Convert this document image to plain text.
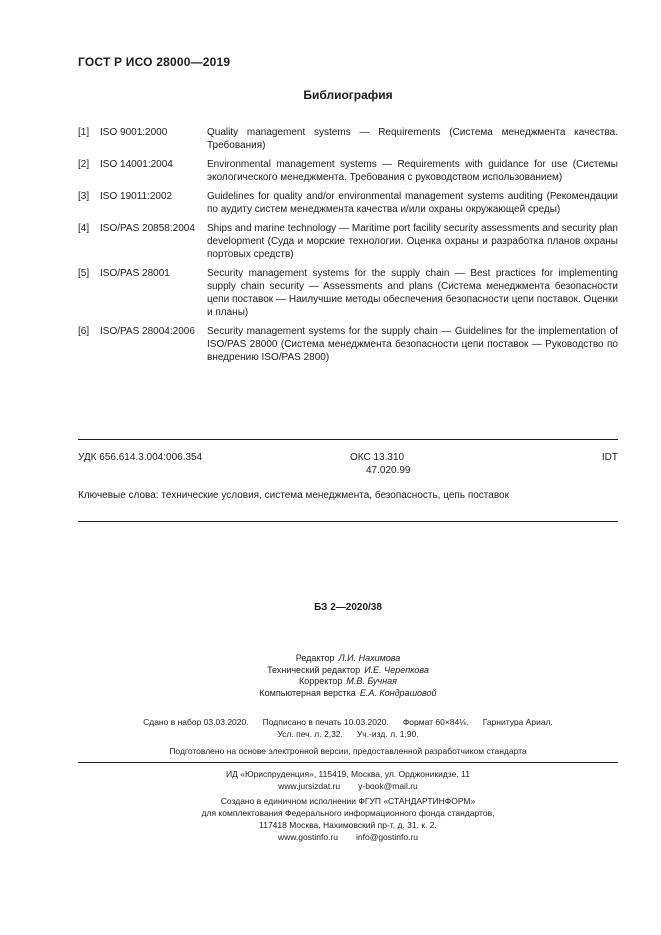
ГОСТ Р ИСО 28000—2019
Библиография
[1]	ISO 9001:2000	Quality management systems — Requirements (Система менеджмента качества. Требования)
[2]	ISO 14001:2004	Environmental management systems — Requirements with guidance for use (Системы экологического менеджмента. Требования с руководством использованием)
[3]	ISO 19011:2002	Guidelines for quality and/or environmental management systems auditing (Рекомендации по аудиту систем менеджмента качества и/или охраны окружающей среды)
[4]	ISO/PAS 20858:2004	Ships and marine technology — Maritime port facility security assessments and security plan development (Суда и морские технологии. Оценка охраны и разработка планов охраны портовых средств)
[5]	ISO/PAS 28001	Security management systems for the supply chain — Best practices for implementing supply chain security — Assessments and plans (Система менеджмента безопасности цепи поставок — Наилучшие методы обеспечения безопасности цепи поставок. Оценки и планы)
[6]	ISO/PAS 28004:2006	Security management systems for the supply chain — Guidelines for the implementation of ISO/PAS 28000 (Система менеджмента безопасности цепи поставок — Руководство по внедрению ISO/PAS 2800)
УДК 656.614.3.004:006.354	ОКС 13.310
47.020.99
IDT
Ключевые слова: технические условия, система менеджмента, безопасность, цепь поставок
БЗ 2—2020/38
Редактор Л.И. Нахимова
Технический редактор И.Е. Черепкова
Корректор М.В. Бучная
Компьютерная верстка Е.А. Кондрашовой
Сдано в набор 03.03.2020. Подписано в печать 10.03.2020. Формат 60×84⅛. Гарнитура Ариал.
Усл. печ. л. 2,32. Уч.-изд. л. 1,90.
Подготовлено на основе электронной версии, предоставленной разработчиком стандарта
ИД «Юриспруденция», 115419, Москва, ул. Орджоникидзе, 11
www.jursizdat.ru y-book@mail.ru
Создано в единичном исполнении ФГУП «СТАНДАРТИНФОРМ»
для комплектования Федерального информационного фонда стандартов,
117418 Москва, Нахимовский пр-т, д. 31. к. 2.
www.gostinfo.ru info@gostinfo.ru
